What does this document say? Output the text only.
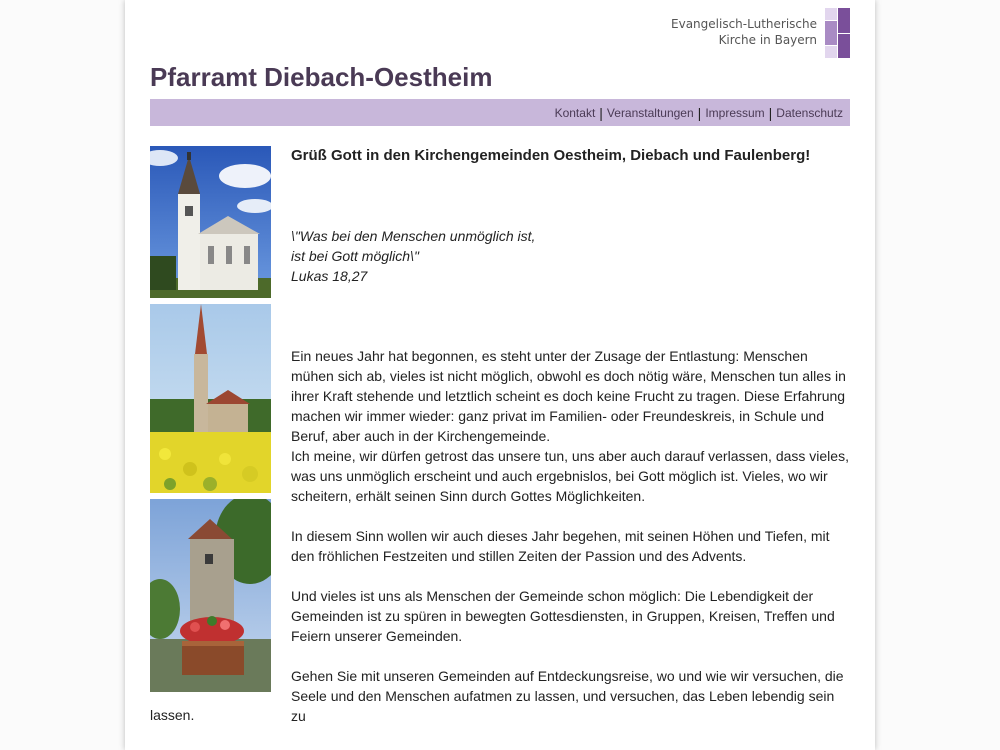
Evangelisch-Lutherische
Kirche in Bayern
Pfarramt Diebach-Oestheim
Kontakt | Veranstaltungen | Impressum | Datenschutz

Grüß Gott in den Kirchengemeinden Oestheim, Diebach und Faulenberg!

\"Was bei den Menschen unmöglich ist,
ist bei Gott möglich\"
Lukas 18,27

Ein neues Jahr hat begonnen, es steht unter der Zusage der Entlastung: Menschen mühen sich ab, vieles ist nicht möglich, obwohl es doch nötig wäre, Menschen tun alles in ihrer Kraft stehende und letztlich scheint es doch keine Frucht zu tragen. Diese Erfahrung machen wir immer wieder: ganz privat im Familien- oder Freundeskreis, in Schule und Beruf, aber auch in der Kirchengemeinde.

Ich meine, wir dürfen getrost das unsere tun, uns aber auch darauf verlassen, dass vieles, was uns unmöglich erscheint und auch ergebnislos, bei Gott möglich ist. Vieles, wo wir scheitern, erhält seinen Sinn durch Gottes Möglichkeiten.

In diesem Sinn wollen wir auch dieses Jahr begehen, mit seinen Höhen und Tiefen, mit den fröhlichen Festzeiten und stillen Zeiten der Passion und des Advents.

Und vieles ist uns als Menschen der Gemeinde schon möglich: Die Lebendigkeit der Gemeinden ist zu spüren in bewegten Gottesdiensten, in Gruppen, Kreisen, Treffen und Feiern unserer Gemeinden.

Gehen Sie mit unseren Gemeinden auf Entdeckungsreise, wo und wie wir versuchen, die Seele und den Menschen aufatmen zu lassen, und versuchen, das Leben lebendig sein zu

lassen.
